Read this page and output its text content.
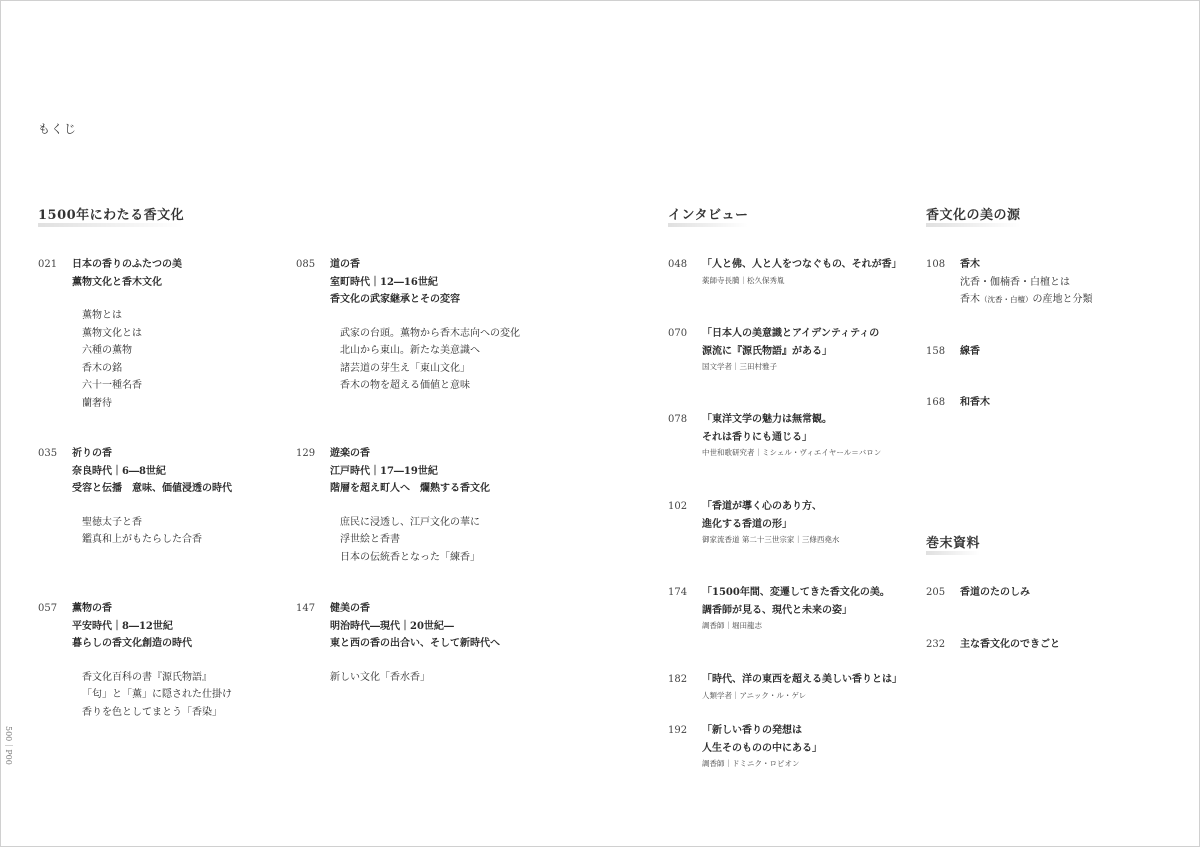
もくじ
1500年にわたる香文化	インタビュー	香文化の美の源
巻末資料
021 日本の香りのふたつの美
薫物文化と香木文化
薫物とは
薫物文化とは
六種の薫物
香木の銘
六十一種名香
蘭奢待
035 祈りの香
奈良時代｜6―8世紀
受容と伝播　意味、価値浸透の時代
聖徳太子と香
鑑真和上がもたらした合香
057 薫物の香
平安時代｜8―12世紀
暮らしの香文化創造の時代
香文化百科の書『源氏物語』
「匂」と「薫」に隠された仕掛け
香りを色としてまとう「香染」
085 道の香
室町時代｜12―16世紀
香文化の武家継承とその変容
武家の台頭。薫物から香木志向への変化
北山から東山。新たな美意識へ
諸芸道の芽生え「東山文化」
香木の物を超える価値と意味
129 遊楽の香
江戸時代｜17―19世紀
階層を超え町人へ　爛熟する香文化
庶民に浸透し、江戸文化の華に
浮世絵と香書
日本の伝統香となった「練香」
147 健美の香
明治時代―現代｜20世紀―
東と西の香の出合い、そして新時代へ
新しい文化「香水香」
048 「人と佛、人と人をつなぐもの、それが香」
薬師寺長臈｜松久保秀胤
070 「日本人の美意識とアイデンティティの
源流に『源氏物語』がある」
国文学者｜三田村雅子
078 「東洋文学の魅力は無常観。
それは香りにも通じる」
中世和歌研究者｜ミシェル・ヴィエイヤール＝バロン
102 「香道が導く心のあり方、
進化する香道の形」
御家流香道 第二十三世宗家｜三條西堯水
174 「1500年間、変遷してきた香文化の美。
調香師が見る、現代と未来の姿」
調香師｜堀田龍志
182 「時代、洋の東西を超える美しい香りとは」
人類学者｜アニック・ル・ゲレ
192 「新しい香りの発想は
人生そのものの中にある」
調香師｜ドミニク・ロピオン
108 香木
沈香・伽楠香・白檀とは
香木（沈香・白檀）の産地と分類
158 線香
168 和香木
205 香道のたのしみ
232 主な香文化のできごと
500｜P00
